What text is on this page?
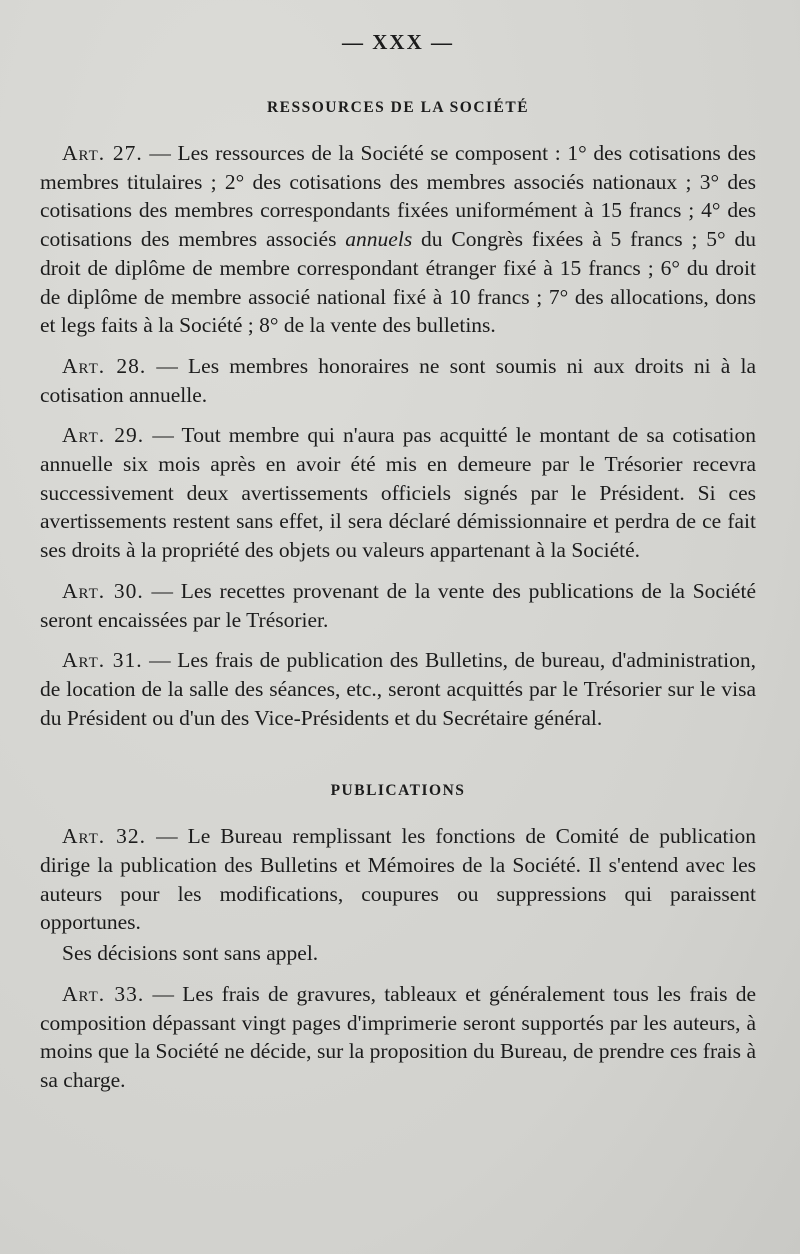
— XXX —
RESSOURCES DE LA SOCIÉTÉ

Art. 27. — Les ressources de la Société se composent : 1° des cotisations des membres titulaires ; 2° des cotisations des membres associés nationaux ; 3° des cotisations des membres correspondants fixées uniformément à 15 francs ; 4° des cotisations des membres associés annuels du Congrès fixées à 5 francs ; 5° du droit de diplôme de membre correspondant étranger fixé à 15 francs ; 6° du droit de diplôme de membre associé national fixé à 10 francs ; 7° des allocations, dons et legs faits à la Société ; 8° de la vente des bulletins.

Art. 28. — Les membres honoraires ne sont soumis ni aux droits ni à la cotisation annuelle.

Art. 29. — Tout membre qui n'aura pas acquitté le montant de sa cotisation annuelle six mois après en avoir été mis en demeure par le Trésorier recevra successivement deux avertissements officiels signés par le Président. Si ces avertissements restent sans effet, il sera déclaré démissionnaire et perdra de ce fait ses droits à la propriété des objets ou valeurs appartenant à la Société.

Art. 30. — Les recettes provenant de la vente des publications de la Société seront encaissées par le Trésorier.

Art. 31. — Les frais de publication des Bulletins, de bureau, d'administration, de location de la salle des séances, etc., seront acquittés par le Trésorier sur le visa du Président ou d'un des Vice-Présidents et du Secrétaire général.

PUBLICATIONS

Art. 32. — Le Bureau remplissant les fonctions de Comité de publication dirige la publication des Bulletins et Mémoires de la Société. Il s'entend avec les auteurs pour les modifications, coupures ou suppressions qui paraissent opportunes.

Ses décisions sont sans appel.

Art. 33. — Les frais de gravures, tableaux et généralement tous les frais de composition dépassant vingt pages d'imprimerie seront supportés par les auteurs, à moins que la Société ne décide, sur la proposition du Bureau, de prendre ces frais à sa charge.
